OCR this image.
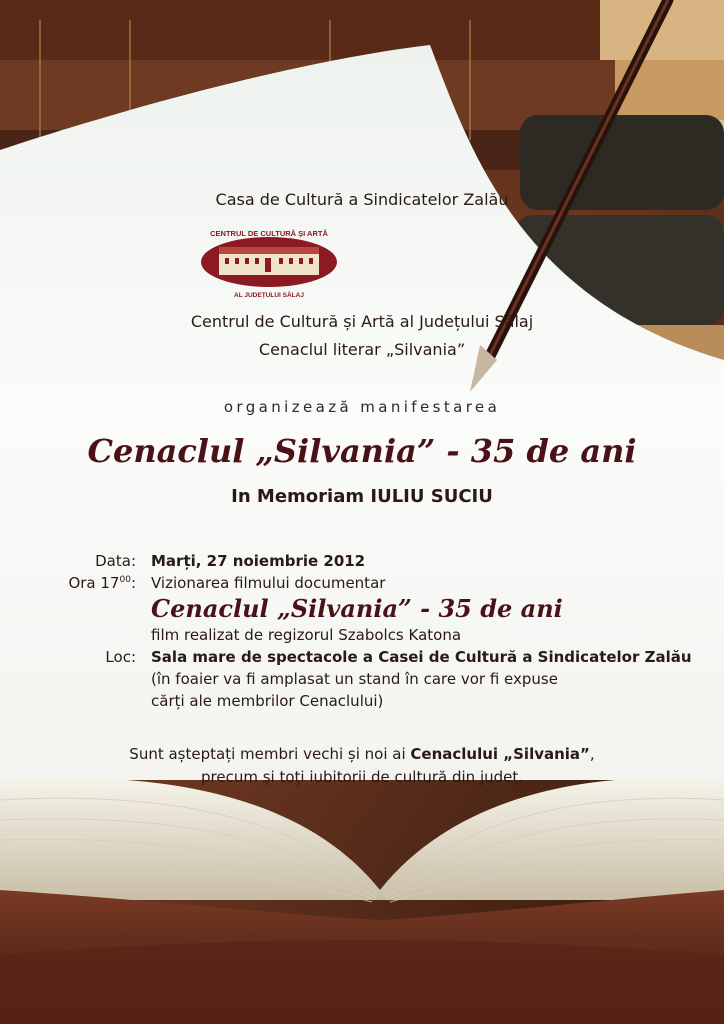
Casa de Cultură a Sindicatelor Zalău
CENTRUL DE CULTURĂ ȘI ARTĂ
AL JUDEȚULUI SĂLAJ
Centrul de Cultură și Artă al Județului Sălaj
Cenaclul literar „Silvania”
organizează manifestarea
Cenaclul „Silvania” - 35 de ani
In Memoriam IULIU SUCIU
Data: Marți, 27 noiembrie 2012
Ora $17^{00}$: Vizionarea filmului documentar
Cenaclul „Silvania” - 35 de ani
film realizat de regizorul Szabolcs Katona
Loc: Sala mare de spectacole a Casei de Cultură a Sindicatelor Zalău
(în foaier va fi amplasat un stand în care vor fi expuse
cărți ale membrilor Cenaclului)
Sunt așteptați membri vechi și noi ai Cenaclului „Silvania”,
precum și toți iubitorii de cultură din județ.
